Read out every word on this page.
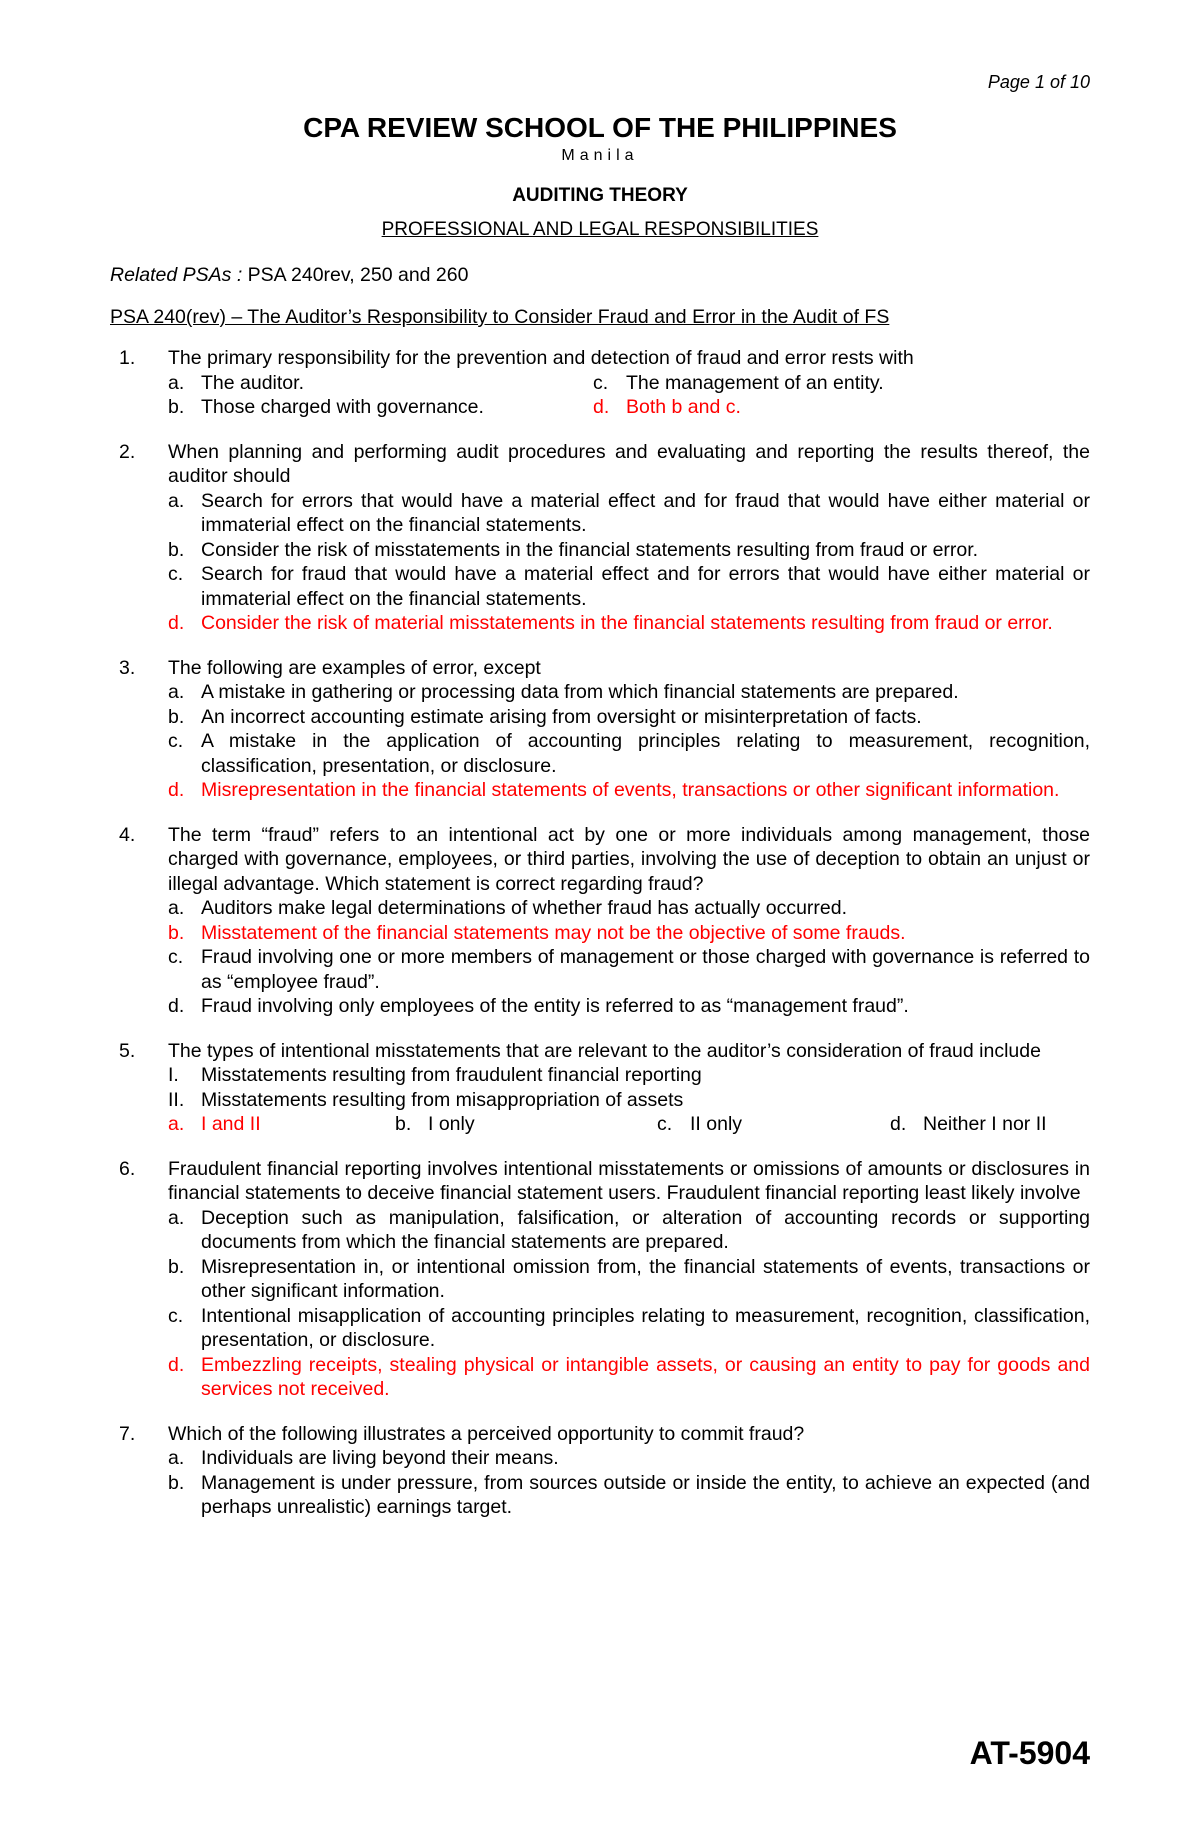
Page 1 of 10
CPA REVIEW SCHOOL OF THE PHILIPPINES
Manila
AUDITING THEORY
PROFESSIONAL AND LEGAL RESPONSIBILITIES
Related PSAs : PSA 240rev, 250 and 260
PSA 240(rev) – The Auditor’s Responsibility to Consider Fraud and Error in the Audit of FS
1. The primary responsibility for the prevention and detection of fraud and error rests with
a. The auditor.	c. The management of an entity.
b. Those charged with governance.	d. Both b and c.
2. When planning and performing audit procedures and evaluating and reporting the results thereof, the auditor should
a. Search for errors that would have a material effect and for fraud that would have either material or immaterial effect on the financial statements.
b. Consider the risk of misstatements in the financial statements resulting from fraud or error.
c. Search for fraud that would have a material effect and for errors that would have either material or immaterial effect on the financial statements.
d. Consider the risk of material misstatements in the financial statements resulting from fraud or error.
3. The following are examples of error, except
a. A mistake in gathering or processing data from which financial statements are prepared.
b. An incorrect accounting estimate arising from oversight or misinterpretation of facts.
c. A mistake in the application of accounting principles relating to measurement, recognition, classification, presentation, or disclosure.
d. Misrepresentation in the financial statements of events, transactions or other significant information.
4. The term “fraud” refers to an intentional act by one or more individuals among management, those charged with governance, employees, or third parties, involving the use of deception to obtain an unjust or illegal advantage. Which statement is correct regarding fraud?
a. Auditors make legal determinations of whether fraud has actually occurred.
b. Misstatement of the financial statements may not be the objective of some frauds.
c. Fraud involving one or more members of management or those charged with governance is referred to as “employee fraud”.
d. Fraud involving only employees of the entity is referred to as “management fraud”.
5. The types of intentional misstatements that are relevant to the auditor’s consideration of fraud include
I. Misstatements resulting from fraudulent financial reporting
II. Misstatements resulting from misappropriation of assets
a. I and II	b. I only	c. II only	d. Neither I nor II
6. Fraudulent financial reporting involves intentional misstatements or omissions of amounts or disclosures in financial statements to deceive financial statement users. Fraudulent financial reporting least likely involve
a. Deception such as manipulation, falsification, or alteration of accounting records or supporting documents from which the financial statements are prepared.
b. Misrepresentation in, or intentional omission from, the financial statements of events, transactions or other significant information.
c. Intentional misapplication of accounting principles relating to measurement, recognition, classification, presentation, or disclosure.
d. Embezzling receipts, stealing physical or intangible assets, or causing an entity to pay for goods and services not received.
7. Which of the following illustrates a perceived opportunity to commit fraud?
a. Individuals are living beyond their means.
b. Management is under pressure, from sources outside or inside the entity, to achieve an expected (and perhaps unrealistic) earnings target.
AT-5904
